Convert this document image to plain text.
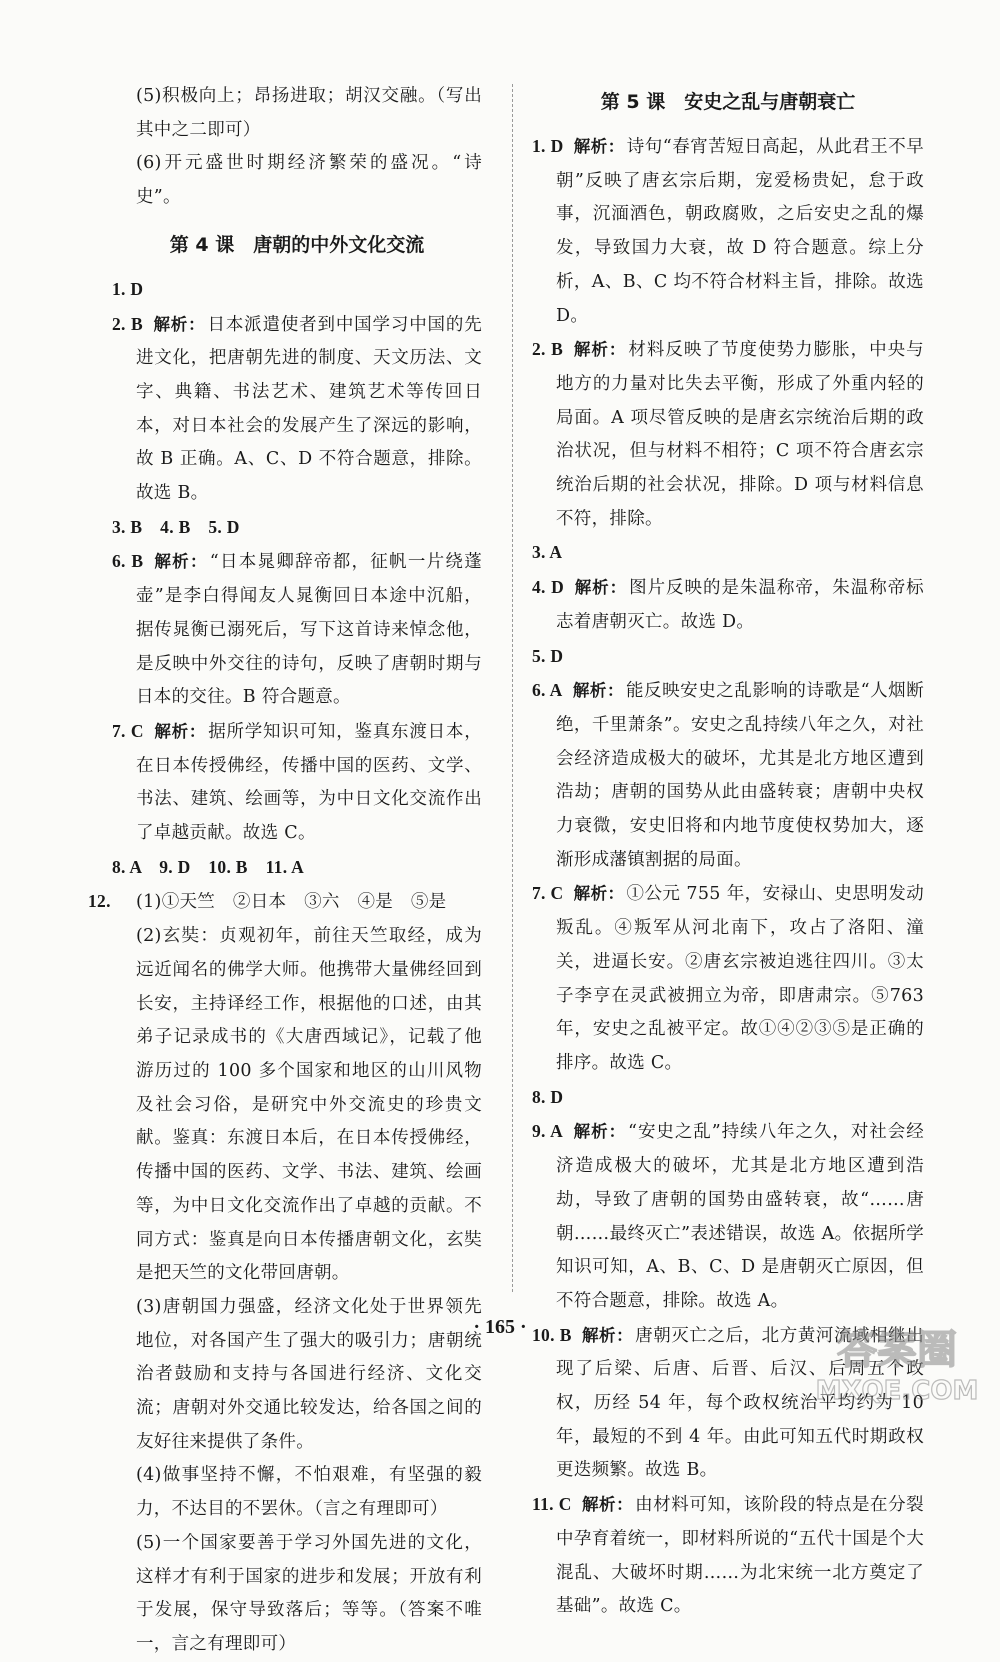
(5)积极向上；昂扬进取；胡汉交融。（写出其中之二即可）

(6)开元盛世时期经济繁荣的盛况。“诗史”。

第 4 课　唐朝的中外文化交流

1. D

2. B 解析： 日本派遣使者到中国学习中国的先进文化，把唐朝先进的制度、天文历法、文字、典籍、书法艺术、建筑艺术等传回日本，对日本社会的发展产生了深远的影响，故 B 正确。A、C、D 不符合题意，排除。故选 B。

3. B　4. B　5. D

6. B 解析： “日本晁卿辞帝都，征帆一片绕蓬壶”是李白得闻友人晁衡回日本途中沉船，据传晁衡已溺死后，写下这首诗来悼念他，是反映中外交往的诗句，反映了唐朝时期与日本的交往。B 符合题意。

7. C 解析： 据所学知识可知，鉴真东渡日本，在日本传授佛经，传播中国的医药、文学、书法、建筑、绘画等，为中日文化交流作出了卓越贡献。故选 C。

8. A　9. D　10. B　11. A

12. (1)①天竺　②日本　③六　④是　⑤是

(2)玄奘：贞观初年，前往天竺取经，成为远近闻名的佛学大师。他携带大量佛经回到长安，主持译经工作，根据他的口述，由其弟子记录成书的《大唐西域记》，记载了他游历过的 100 多个国家和地区的山川风物及社会习俗，是研究中外交流史的珍贵文献。鉴真：东渡日本后，在日本传授佛经，传播中国的医药、文学、书法、建筑、绘画等，为中日文化交流作出了卓越的贡献。不同方式：鉴真是向日本传播唐朝文化，玄奘是把天竺的文化带回唐朝。

(3)唐朝国力强盛，经济文化处于世界领先地位，对各国产生了强大的吸引力；唐朝统治者鼓励和支持与各国进行经济、文化交流；唐朝对外交通比较发达，给各国之间的友好往来提供了条件。

(4)做事坚持不懈，不怕艰难，有坚强的毅力，不达目的不罢休。（言之有理即可）

(5)一个国家要善于学习外国先进的文化，这样才有利于国家的进步和发展；开放有利于发展，保守导致落后；等等。（答案不唯一，言之有理即可）

第 5 课　安史之乱与唐朝衰亡

1. D 解析： 诗句“春宵苦短日高起，从此君王不早朝”反映了唐玄宗后期，宠爱杨贵妃，怠于政事，沉湎酒色，朝政腐败，之后安史之乱的爆发，导致国力大衰，故 D 符合题意。综上分析，A、B、C 均不符合材料主旨，排除。故选 D。

2. B 解析： 材料反映了节度使势力膨胀，中央与地方的力量对比失去平衡，形成了外重内轻的局面。A 项尽管反映的是唐玄宗统治后期的政治状况，但与材料不相符；C 项不符合唐玄宗统治后期的社会状况，排除。D 项与材料信息不符，排除。

3. A

4. D 解析： 图片反映的是朱温称帝，朱温称帝标志着唐朝灭亡。故选 D。

5. D

6. A 解析： 能反映安史之乱影响的诗歌是“人烟断绝，千里萧条”。安史之乱持续八年之久，对社会经济造成极大的破坏，尤其是北方地区遭到浩劫；唐朝的国势从此由盛转衰；唐朝中央权力衰微，安史旧将和内地节度使权势加大，逐渐形成藩镇割据的局面。

7. C 解析： ①公元 755 年，安禄山、史思明发动叛乱。④叛军从河北南下，攻占了洛阳、潼关，进逼长安。②唐玄宗被迫逃往四川。③太子李亨在灵武被拥立为帝，即唐肃宗。⑤763 年，安史之乱被平定。故①④②③⑤是正确的排序。故选 C。

8. D

9. A 解析： “安史之乱”持续八年之久，对社会经济造成极大的破坏，尤其是北方地区遭到浩劫，导致了唐朝的国势由盛转衰，故“……唐朝……最终灭亡”表述错误，故选 A。依据所学知识可知，A、B、C、D 是唐朝灭亡原因，但不符合题意，排除。故选 A。

10. B 解析： 唐朝灭亡之后，北方黄河流域相继出现了后梁、后唐、后晋、后汉、后周五个政权，历经 54 年，每个政权统治平均约为 10 年，最短的不到 4 年。由此可知五代时期政权更迭频繁。故选 B。

11. C 解析： 由材料可知，该阶段的特点是在分裂中孕育着统一，即材料所说的“五代十国是个大混乱、大破坏时期……为北宋统一北方奠定了基础”。故选 C。

· 165 ·	答案圈
MXQE.COM
